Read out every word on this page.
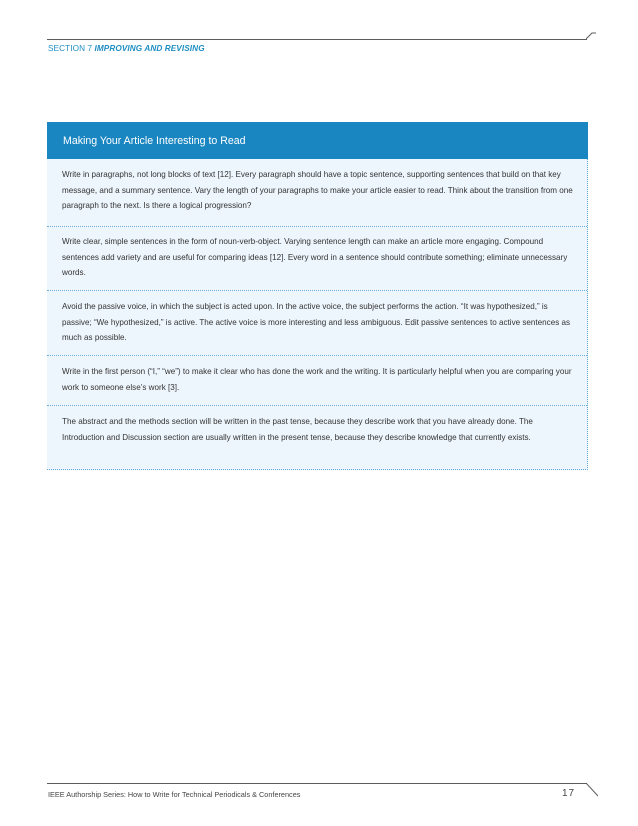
SECTION 7 IMPROVING AND REVISING
Making Your Article Interesting to Read
Write in paragraphs, not long blocks of text [12]. Every paragraph should have a topic sentence, supporting sentences that build on that key message, and a summary sentence. Vary the length of your paragraphs to make your article easier to read. Think about the transition from one paragraph to the next. Is there a logical progression?
Write clear, simple sentences in the form of noun-verb-object. Varying sentence length can make an article more engaging. Compound sentences add variety and are useful for comparing ideas [12]. Every word in a sentence should contribute something; eliminate unnecessary words.
Avoid the passive voice, in which the subject is acted upon. In the active voice, the subject performs the action. “It was hypothesized,” is passive; “We hypothesized,” is active. The active voice is more interesting and less ambiguous. Edit passive sentences to active sentences as much as possible.
Write in the first person (“I,” “we”) to make it clear who has done the work and the writing. It is particularly helpful when you are comparing your work to someone else’s work [3].
The abstract and the methods section will be written in the past tense, because they describe work that you have already done. The Introduction and Discussion section are usually written in the present tense, because they describe knowledge that currently exists.
IEEE Authorship Series: How to Write for Technical Periodicals & Conferences	17
